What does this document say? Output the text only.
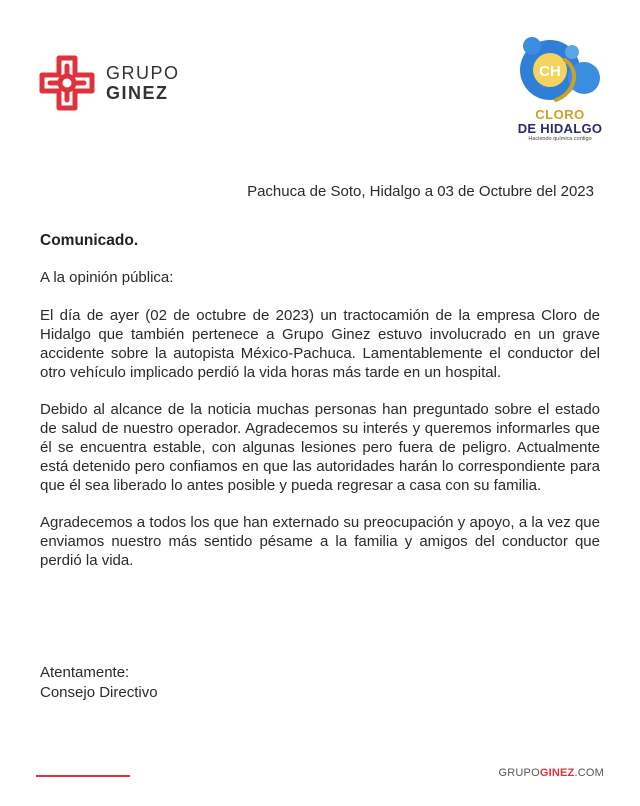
GRUPO
GINEZ
CH
CLORO
DE HIDALGO
Haciendo química contigo
Pachuca de Soto, Hidalgo a 03 de Octubre del 2023
Comunicado.
A la opinión pública:

El día de ayer (02 de octubre de 2023) un tractocamión de la empresa Cloro de Hidalgo que también pertenece a Grupo Ginez estuvo involucrado en un grave accidente sobre la autopista México-Pachuca. Lamentablemente el conductor del otro vehículo implicado perdió la vida horas más tarde en un hospital.

Debido al alcance de la noticia muchas personas han preguntado sobre el estado de salud de nuestro operador. Agradecemos su interés y queremos informarles que él se encuentra estable, con algunas lesiones pero fuera de peligro. Actualmente está detenido pero confiamos en que las autoridades harán lo correspondiente para que él sea liberado lo antes posible y pueda regresar a casa con su familia.

Agradecemos a todos los que han externado su preocupación y apoyo, a la vez que enviamos nuestro más sentido pésame a la familia y amigos del conductor que perdió la vida.

Atentamente:
Consejo Directivo
GRUPOGINEZ.COM
